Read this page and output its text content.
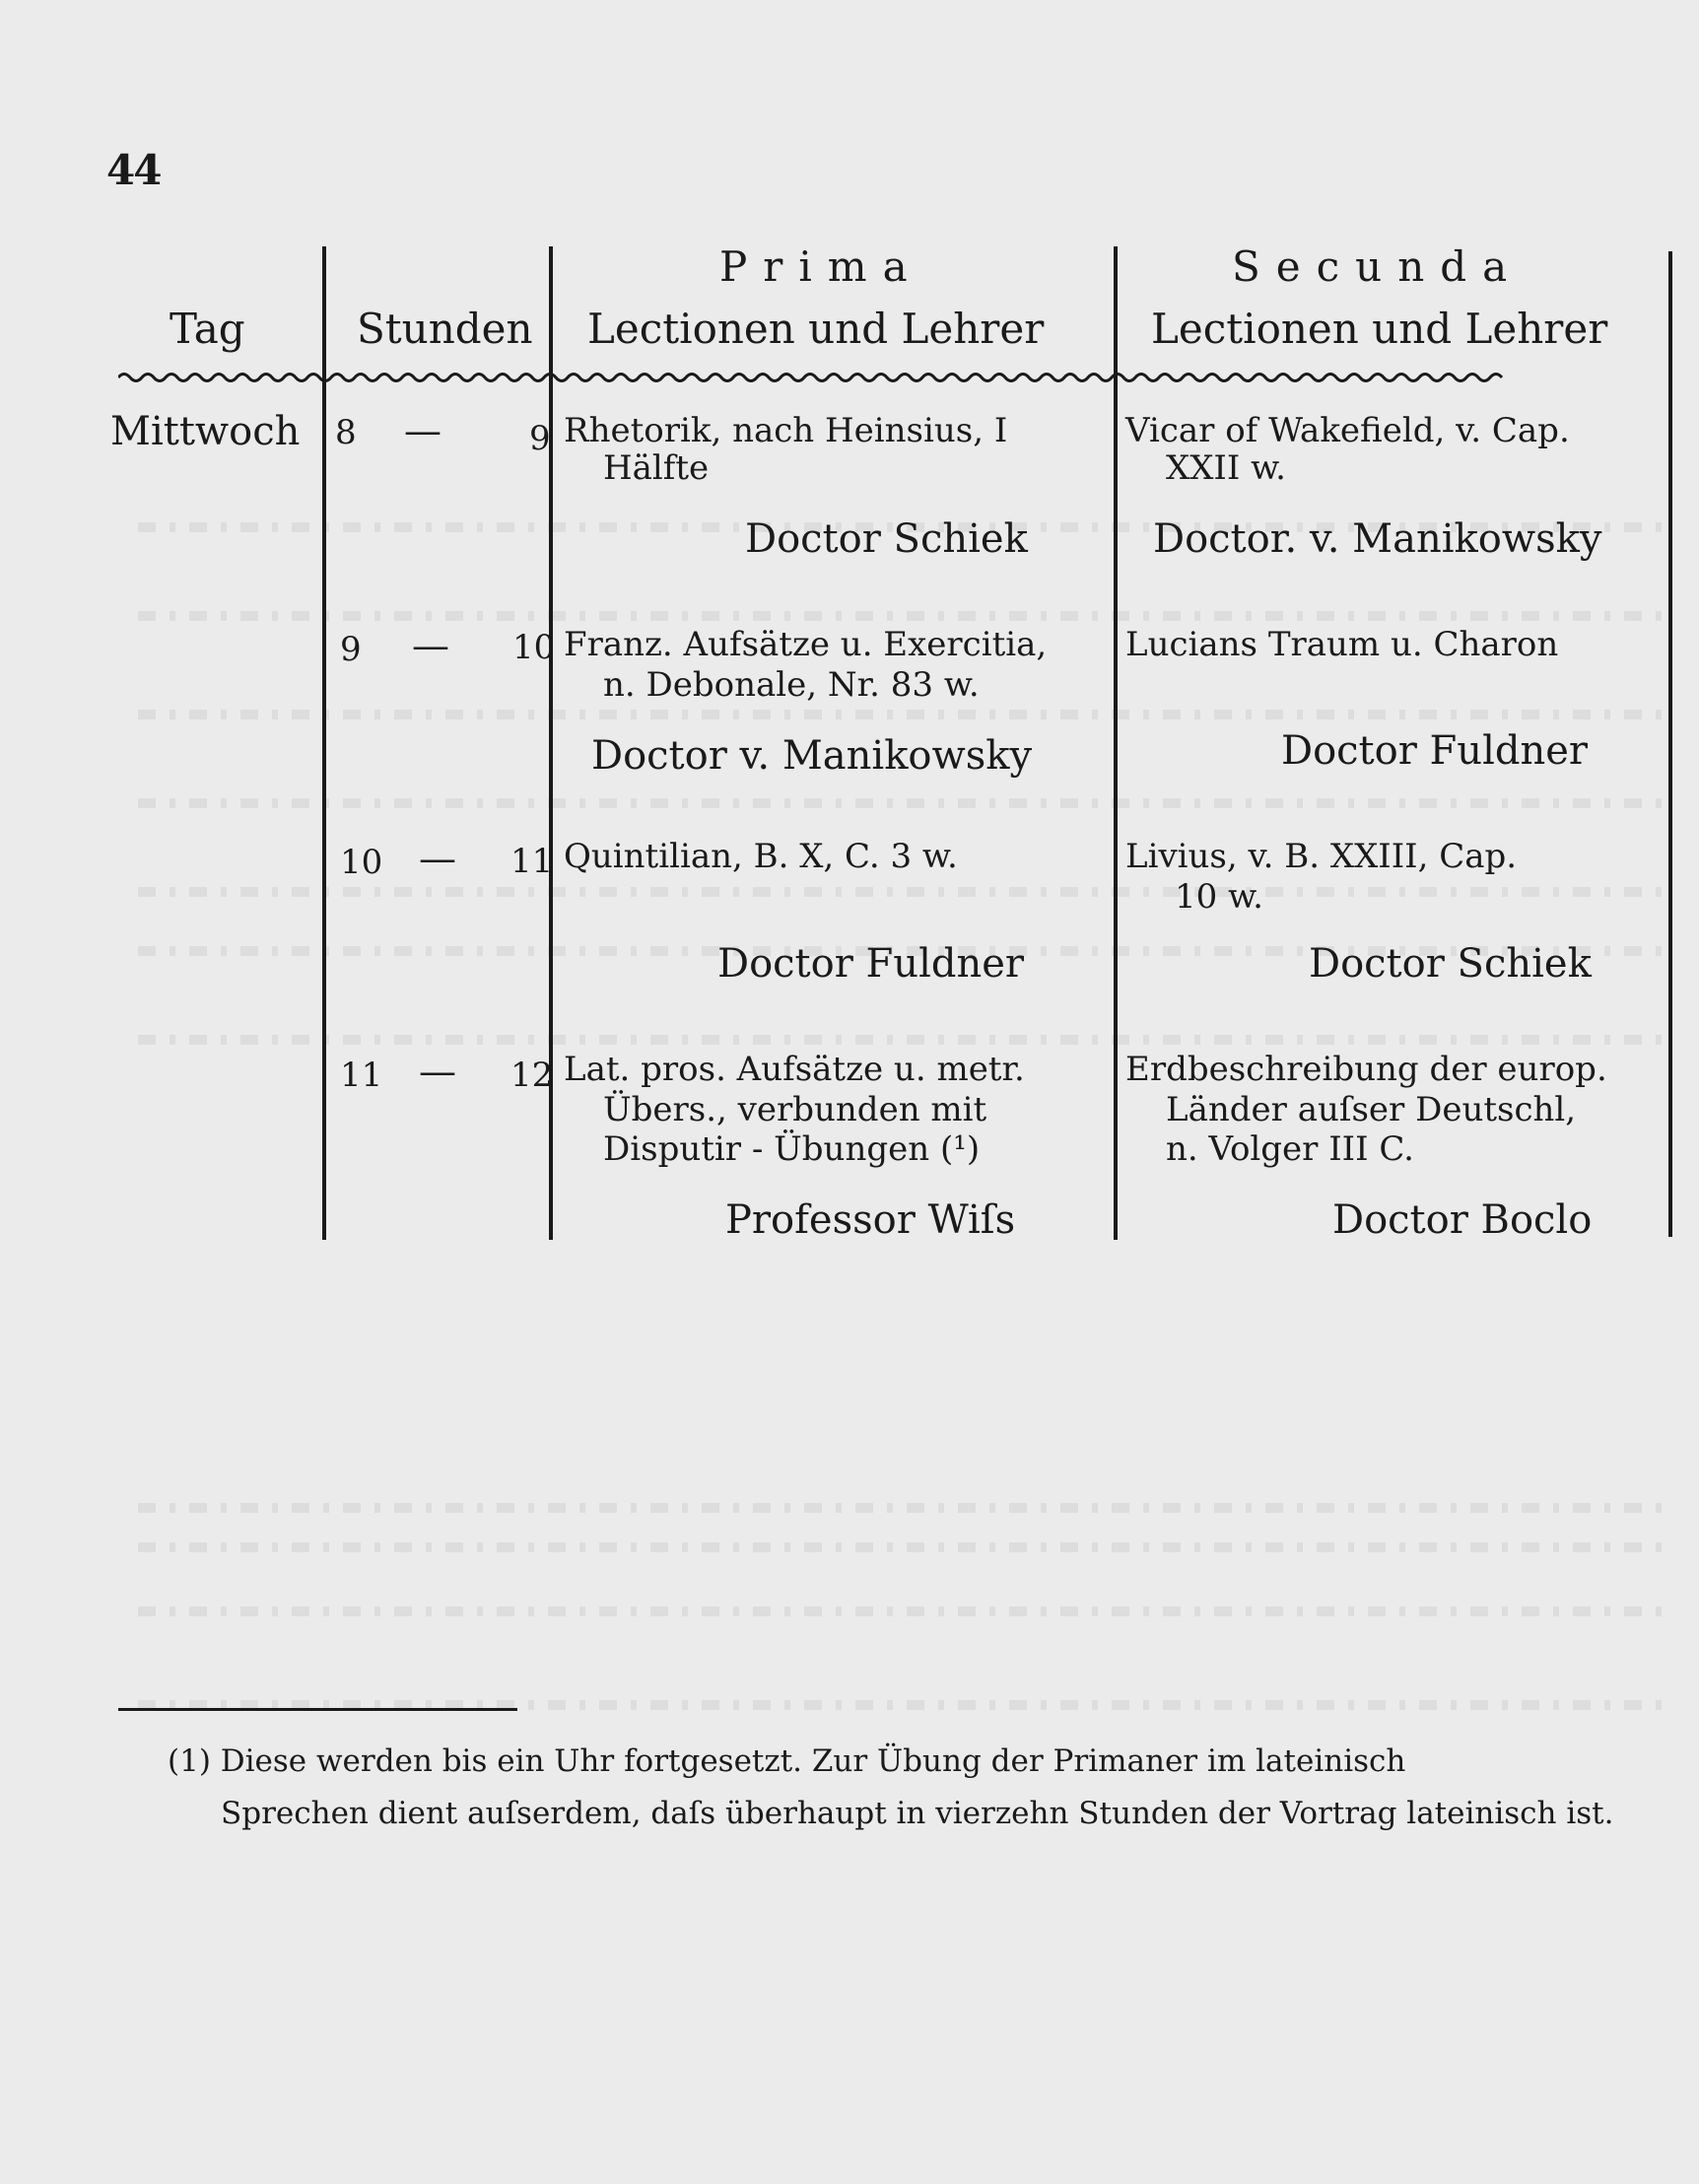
44
Tag	Stunden
Prima
Lectionen und Lehrer
Secunda
Lectionen und Lehrer
Mittwoch 8 —	9 Rhetorik, nach Heinsius, I
Hälfte
Doctor Schiek
Vicar of Wakefield, v. Cap.
XXII w.
Doctor. v. Manikowsky
9 — 10 Franz. Aufsätze u. Exercitia,
n. Debonale, Nr. 83 w.
Doctor v. Manikowsky
Lucians Traum u. Charon
Doctor Fuldner
10 — 11 Quintilian, B. X, C. 3 w.
Doctor Fuldner
Livius, v. B. XXIII, Cap.
10 w.
Doctor Schiek
11 — 12 Lat. pros. Aufsätze u. metr.
Übers., verbunden mit
Disputir - Übungen (¹)
Professor Wiſs
Erdbeschreibung der europ.
Länder auſser Deutschl,
n. Volger III C.
Doctor Boclo
(1) Diese werden bis ein Uhr fortgesetzt. Zur Übung der Primaner im lateinisch
Sprechen dient auſserdem, daſs überhaupt in vierzehn Stunden der Vortrag lateinisch ist.
